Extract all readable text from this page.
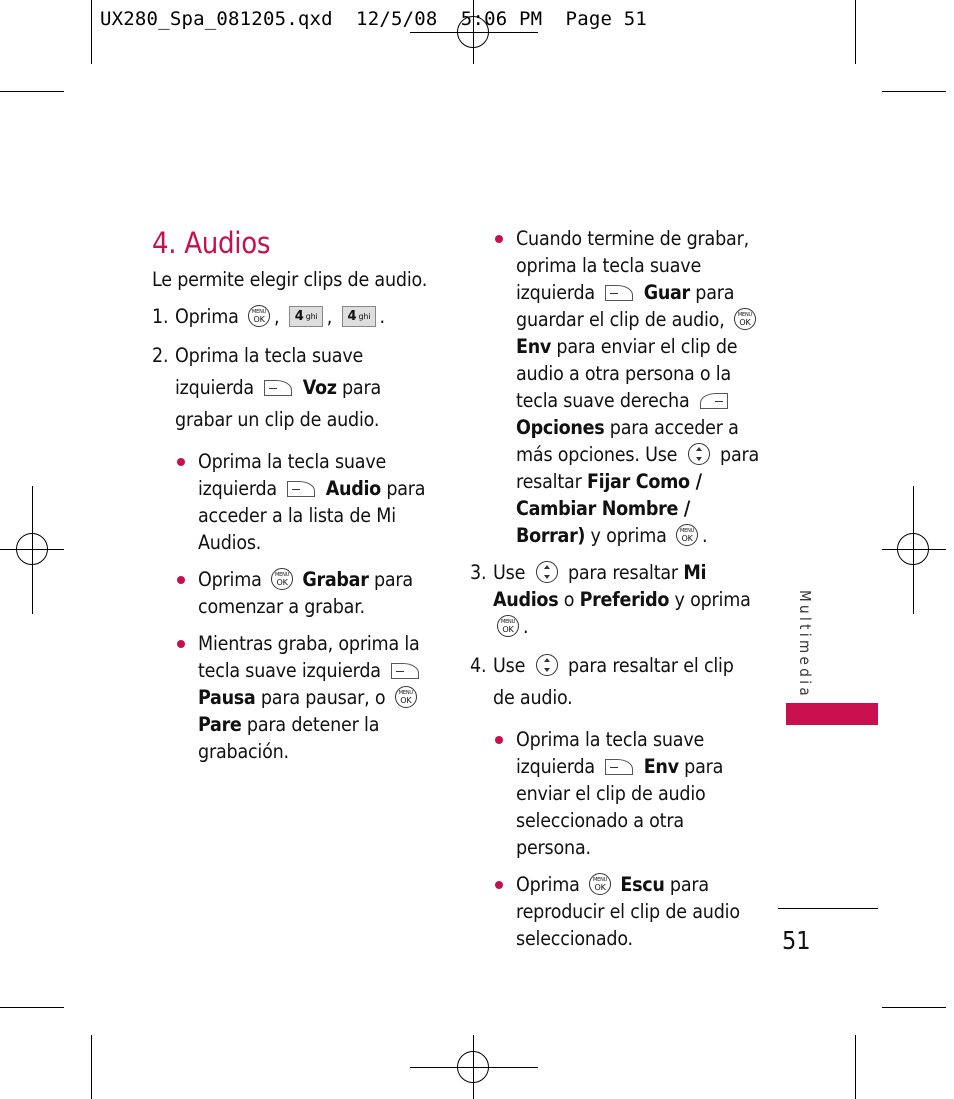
UX280_Spa_081205.qxd  12/5/08  5:06 PM  Page 51
4. Audios

Le permite elegir clips de audio.

1. Oprima MENU OK , 4 ghi , 4 ghi .
2. Oprima la tecla suave izquierda	Voz para grabar un clip de audio.
Oprima la tecla suave izquierda	Audio para acceder a la lista de Mi Audios.
Oprima MENU OK Grabar para comenzar a grabar.
Mientras graba, oprima la tecla suave izquierda  Pausa para pausar, o MENU OK Pare para detener la grabación.
Cuando termine de grabar, oprima la tecla suave izquierda	Guar para guardar el clip de audio, MENU OK Env para enviar el clip de audio a otra persona o la tecla suave derecha  Opciones para acceder a más opciones. Use para resaltar Fijar Como / Cambiar Nombre / Borrar) y oprima MENU OK .
3. Use para resaltar Mi Audios o Preferido y oprima MENU OK.
4. Use para resaltar el clip de audio.
Oprima la tecla suave izquierda	Env para enviar el clip de audio seleccionado a otra persona.
Oprima MENU OK Escu para reproducir el clip de audio seleccionado.
Multimedia
51
